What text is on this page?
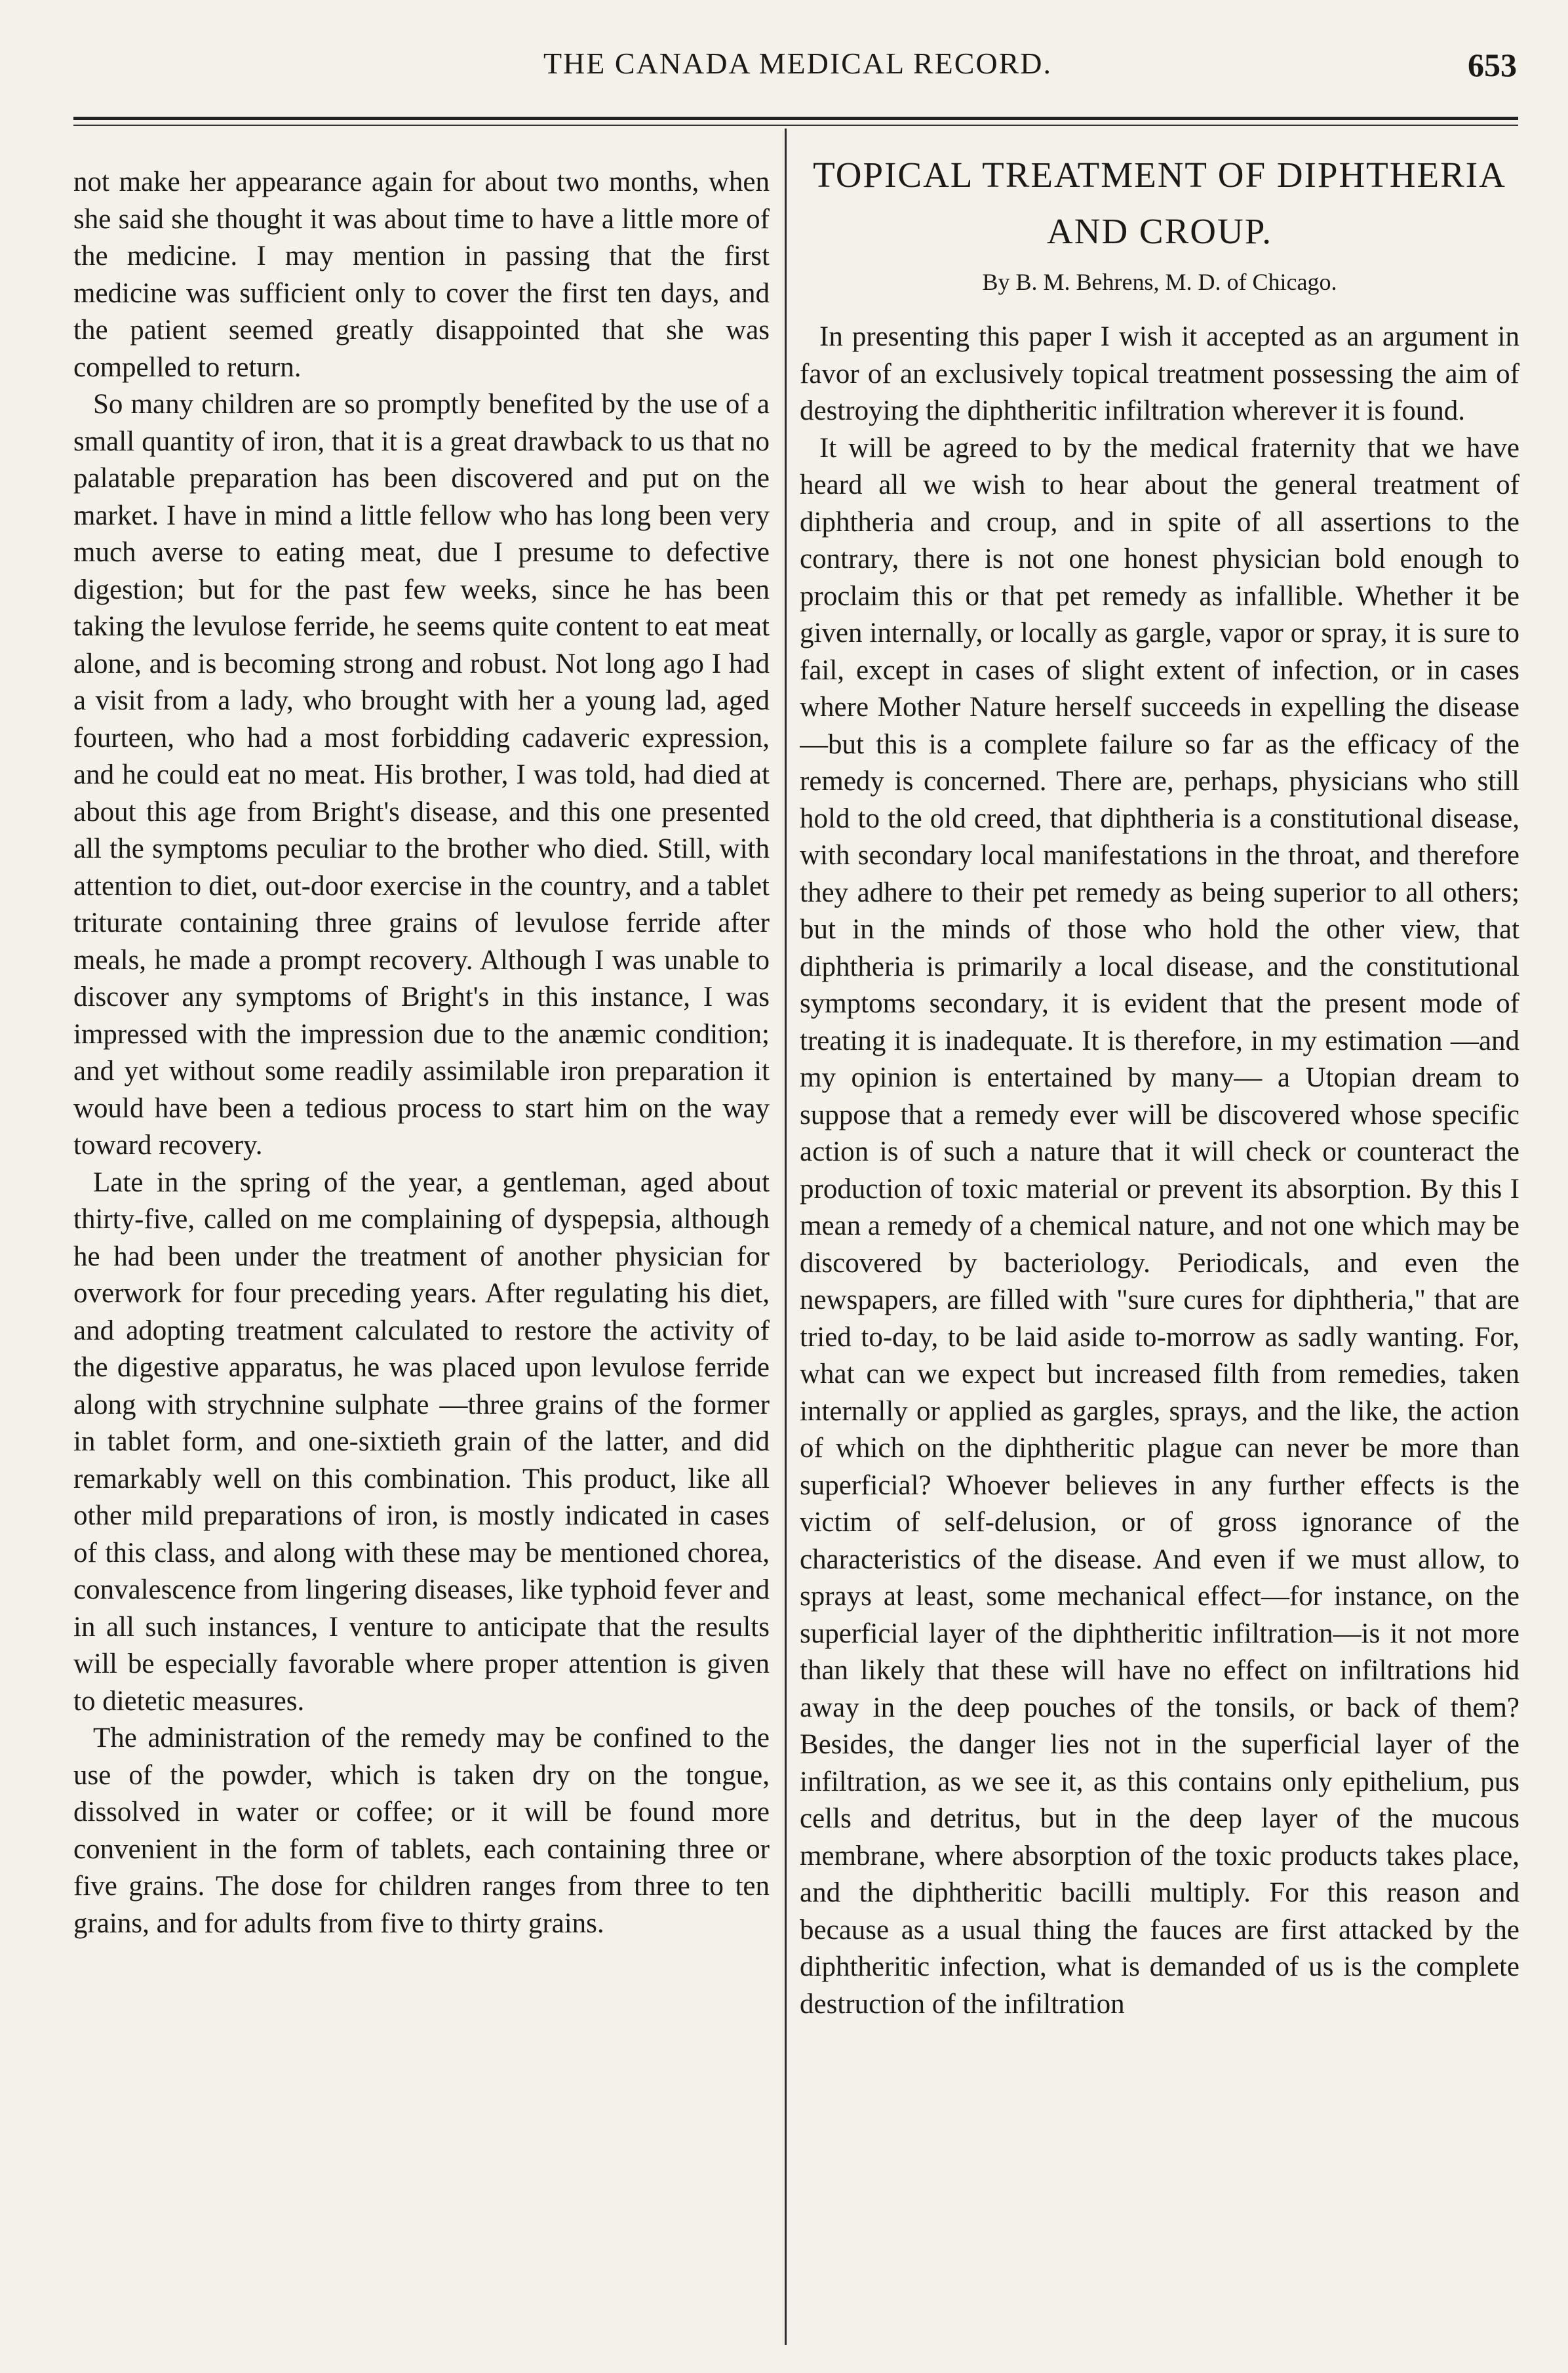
THE CANADA MEDICAL RECORD.	653

not make her appearance again for about two months, when she said she thought it was about time to have a little more of the medicine. I may mention in passing that the first medicine was sufficient only to cover the first ten days, and the patient seemed greatly disappointed that she was compelled to return.

So many children are so promptly benefited by the use of a small quantity of iron, that it is a great drawback to us that no palatable preparation has been discovered and put on the market. I have in mind a little fellow who has long been very much averse to eating meat, due I presume to defective digestion; but for the past few weeks, since he has been taking the levulose ferride, he seems quite content to eat meat alone, and is becoming strong and robust. Not long ago I had a visit from a lady, who brought with her a young lad, aged fourteen, who had a most forbidding cadaveric expression, and he could eat no meat. His brother, I was told, had died at about this age from Bright's disease, and this one presented all the symptoms peculiar to the brother who died. Still, with attention to diet, out-door exercise in the country, and a tablet triturate containing three grains of levulose ferride after meals, he made a prompt recovery. Although I was unable to discover any symptoms of Bright's in this instance, I was impressed with the impression due to the anæmic condition; and yet without some readily assimilable iron preparation it would have been a tedious process to start him on the way toward recovery.

Late in the spring of the year, a gentleman, aged about thirty-five, called on me complaining of dyspepsia, although he had been under the treatment of another physician for overwork for four preceding years. After regulating his diet, and adopting treatment calculated to restore the activity of the digestive apparatus, he was placed upon levulose ferride along with strychnine sulphate —three grains of the former in tablet form, and one-sixtieth grain of the latter, and did remarkably well on this combination. This product, like all other mild preparations of iron, is mostly indicated in cases of this class, and along with these may be mentioned chorea, convalescence from lingering diseases, like typhoid fever and in all such instances, I venture to anticipate that the results will be especially favorable where proper attention is given to dietetic measures.

The administration of the remedy may be confined to the use of the powder, which is taken dry on the tongue, dissolved in water or coffee; or it will be found more convenient in the form of tablets, each containing three or five grains. The dose for children ranges from three to ten grains, and for adults from five to thirty grains.

TOPICAL TREATMENT OF DIPHTHERIA
AND CROUP.
By B. M. Behrens, M. D. of Chicago.

In presenting this paper I wish it accepted as an argument in favor of an exclusively topical treatment possessing the aim of destroying the diphtheritic infiltration wherever it is found.

It will be agreed to by the medical fraternity that we have heard all we wish to hear about the general treatment of diphtheria and croup, and in spite of all assertions to the contrary, there is not one honest physician bold enough to proclaim this or that pet remedy as infallible. Whether it be given internally, or locally as gargle, vapor or spray, it is sure to fail, except in cases of slight extent of infection, or in cases where Mother Nature herself succeeds in expelling the disease—but this is a complete failure so far as the efficacy of the remedy is concerned. There are, perhaps, physicians who still hold to the old creed, that diphtheria is a constitutional disease, with secondary local manifestations in the throat, and therefore they adhere to their pet remedy as being superior to all others; but in the minds of those who hold the other view, that diphtheria is primarily a local disease, and the constitutional symptoms secondary, it is evident that the present mode of treating it is inadequate. It is therefore, in my estimation —and my opinion is entertained by many— a Utopian dream to suppose that a remedy ever will be discovered whose specific action is of such a nature that it will check or counteract the production of toxic material or prevent its absorption. By this I mean a remedy of a chemical nature, and not one which may be discovered by bacteriology. Periodicals, and even the newspapers, are filled with "sure cures for diphtheria," that are tried to-day, to be laid aside to-morrow as sadly wanting. For, what can we expect but increased filth from remedies, taken internally or applied as gargles, sprays, and the like, the action of which on the diphtheritic plague can never be more than superficial? Whoever believes in any further effects is the victim of self-delusion, or of gross ignorance of the characteristics of the disease. And even if we must allow, to sprays at least, some mechanical effect—for instance, on the superficial layer of the diphtheritic infiltration—is it not more than likely that these will have no effect on infiltrations hid away in the deep pouches of the tonsils, or back of them? Besides, the danger lies not in the superficial layer of the infiltration, as we see it, as this contains only epithelium, pus cells and detritus, but in the deep layer of the mucous membrane, where absorption of the toxic products takes place, and the diphtheritic bacilli multiply. For this reason and because as a usual thing the fauces are first attacked by the diphtheritic infection, what is demanded of us is the complete destruction of the infiltration
